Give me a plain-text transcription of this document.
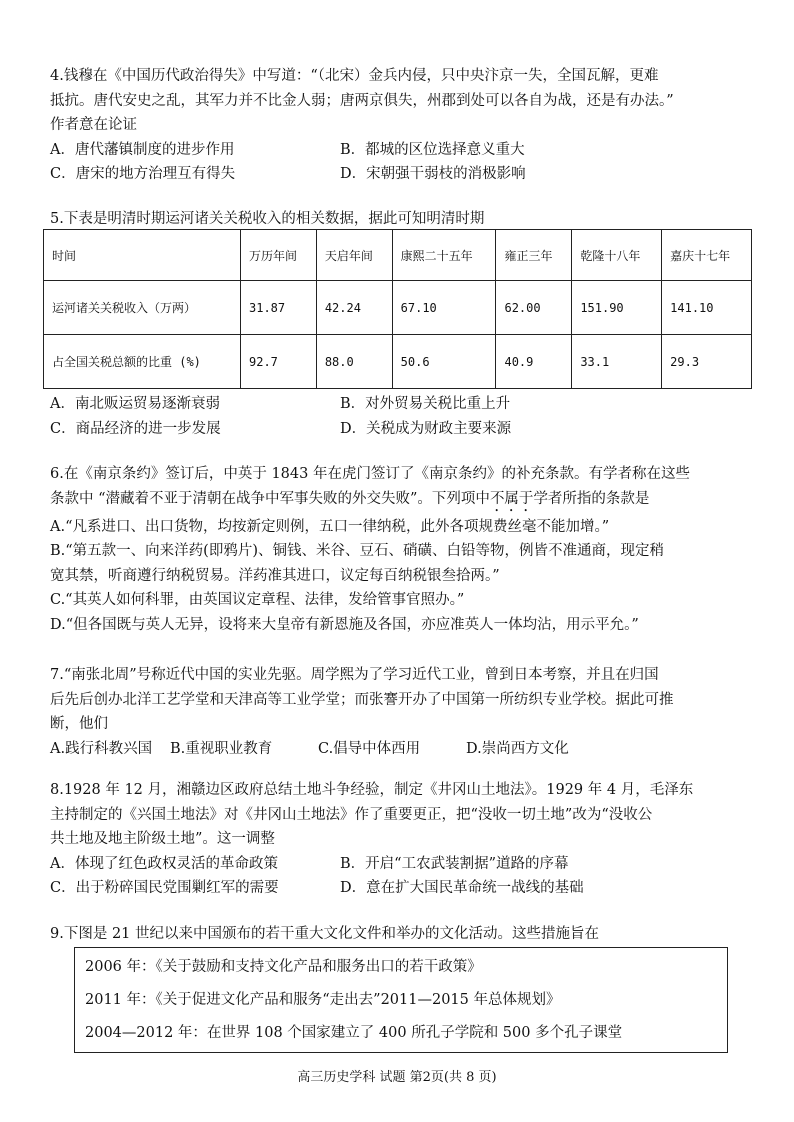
4.钱穆在《中国历代政治得失》中写道：“（北宋）金兵内侵，只中央汴京一失，全国瓦解，更难

抵抗。唐代安史之乱，其军力并不比金人弱；唐两京俱失，州郡到处可以各自为战，还是有办法。”

作者意在论证

A．唐代藩镇制度的进步作用	B．都城的区位选择意义重大
C．唐宋的地方治理互有得失	D．宋朝强干弱枝的消极影响

5.下表是明清时期运河诸关关税收入的相关数据，据此可知明清时期

时间	万历年间	天启年间	康熙二十五年	雍正三年	乾隆十八年	嘉庆十七年
运河诸关关税收入（万两）	31.87	42.24	67.10	62.00	151.90	141.10
占全国关税总额的比重 (%)	92.7	88.0	50.6	40.9	33.1	29.3
A．南北贩运贸易逐渐衰弱	B．对外贸易关税比重上升
C．商品经济的进一步发展	D．关税成为财政主要来源

6.在《南京条约》签订后，中英于 1843 年在虎门签订了《南京条约》的补充条款。有学者称在这些

条款中 “潜藏着不亚于清朝在战争中军事失败的外交失败”。下列项中不属于学者所指的条款是

A.“凡系进口、出口货物，均按新定则例，五口一律纳税，此外各项规费丝毫不能加增。”

B.“第五款一、向来洋药(即鸦片)、铜钱、米谷、豆石、硝磺、白铅等物，例皆不准通商，现定稍

宽其禁，听商遵行纳税贸易。洋药准其进口，议定每百纳税银叁拾两。”

C.“其英人如何科罪，由英国议定章程、法律，发给管事官照办。”

D.“但各国既与英人无异，设将来大皇帝有新恩施及各国，亦应准英人一体均沾，用示平允。”

7.“南张北周”号称近代中国的实业先驱。周学熙为了学习近代工业，曾到日本考察，并且在归国

后先后创办北洋工艺学堂和天津高等工业学堂；而张謇开办了中国第一所纺织专业学校。据此可推

断，他们

A.践行科教兴国	B.重视职业教育	C.倡导中体西用	D.崇尚西方文化

8.1928 年 12 月，湘赣边区政府总结土地斗争经验，制定《井冈山土地法》。1929 年 4 月，毛泽东

主持制定的《兴国土地法》对《井冈山土地法》作了重要更正，把“没收一切土地”改为“没收公

共土地及地主阶级土地”。这一调整

A．体现了红色政权灵活的革命政策	B．开启“工农武装割据”道路的序幕
C．出于粉碎国民党围剿红军的需要	D．意在扩大国民革命统一战线的基础

9.下图是 21 世纪以来中国颁布的若干重大文化文件和举办的文化活动。这些措施旨在

2006 年：《关于鼓励和支持文化产品和服务出口的若干政策》

2011 年：《关于促进文化产品和服务“走出去”2011—2015 年总体规划》

2004—2012 年：在世界 108 个国家建立了 400 所孔子学院和 500 多个孔子课堂

高三历史学科 试题 第2页(共 8 页)
